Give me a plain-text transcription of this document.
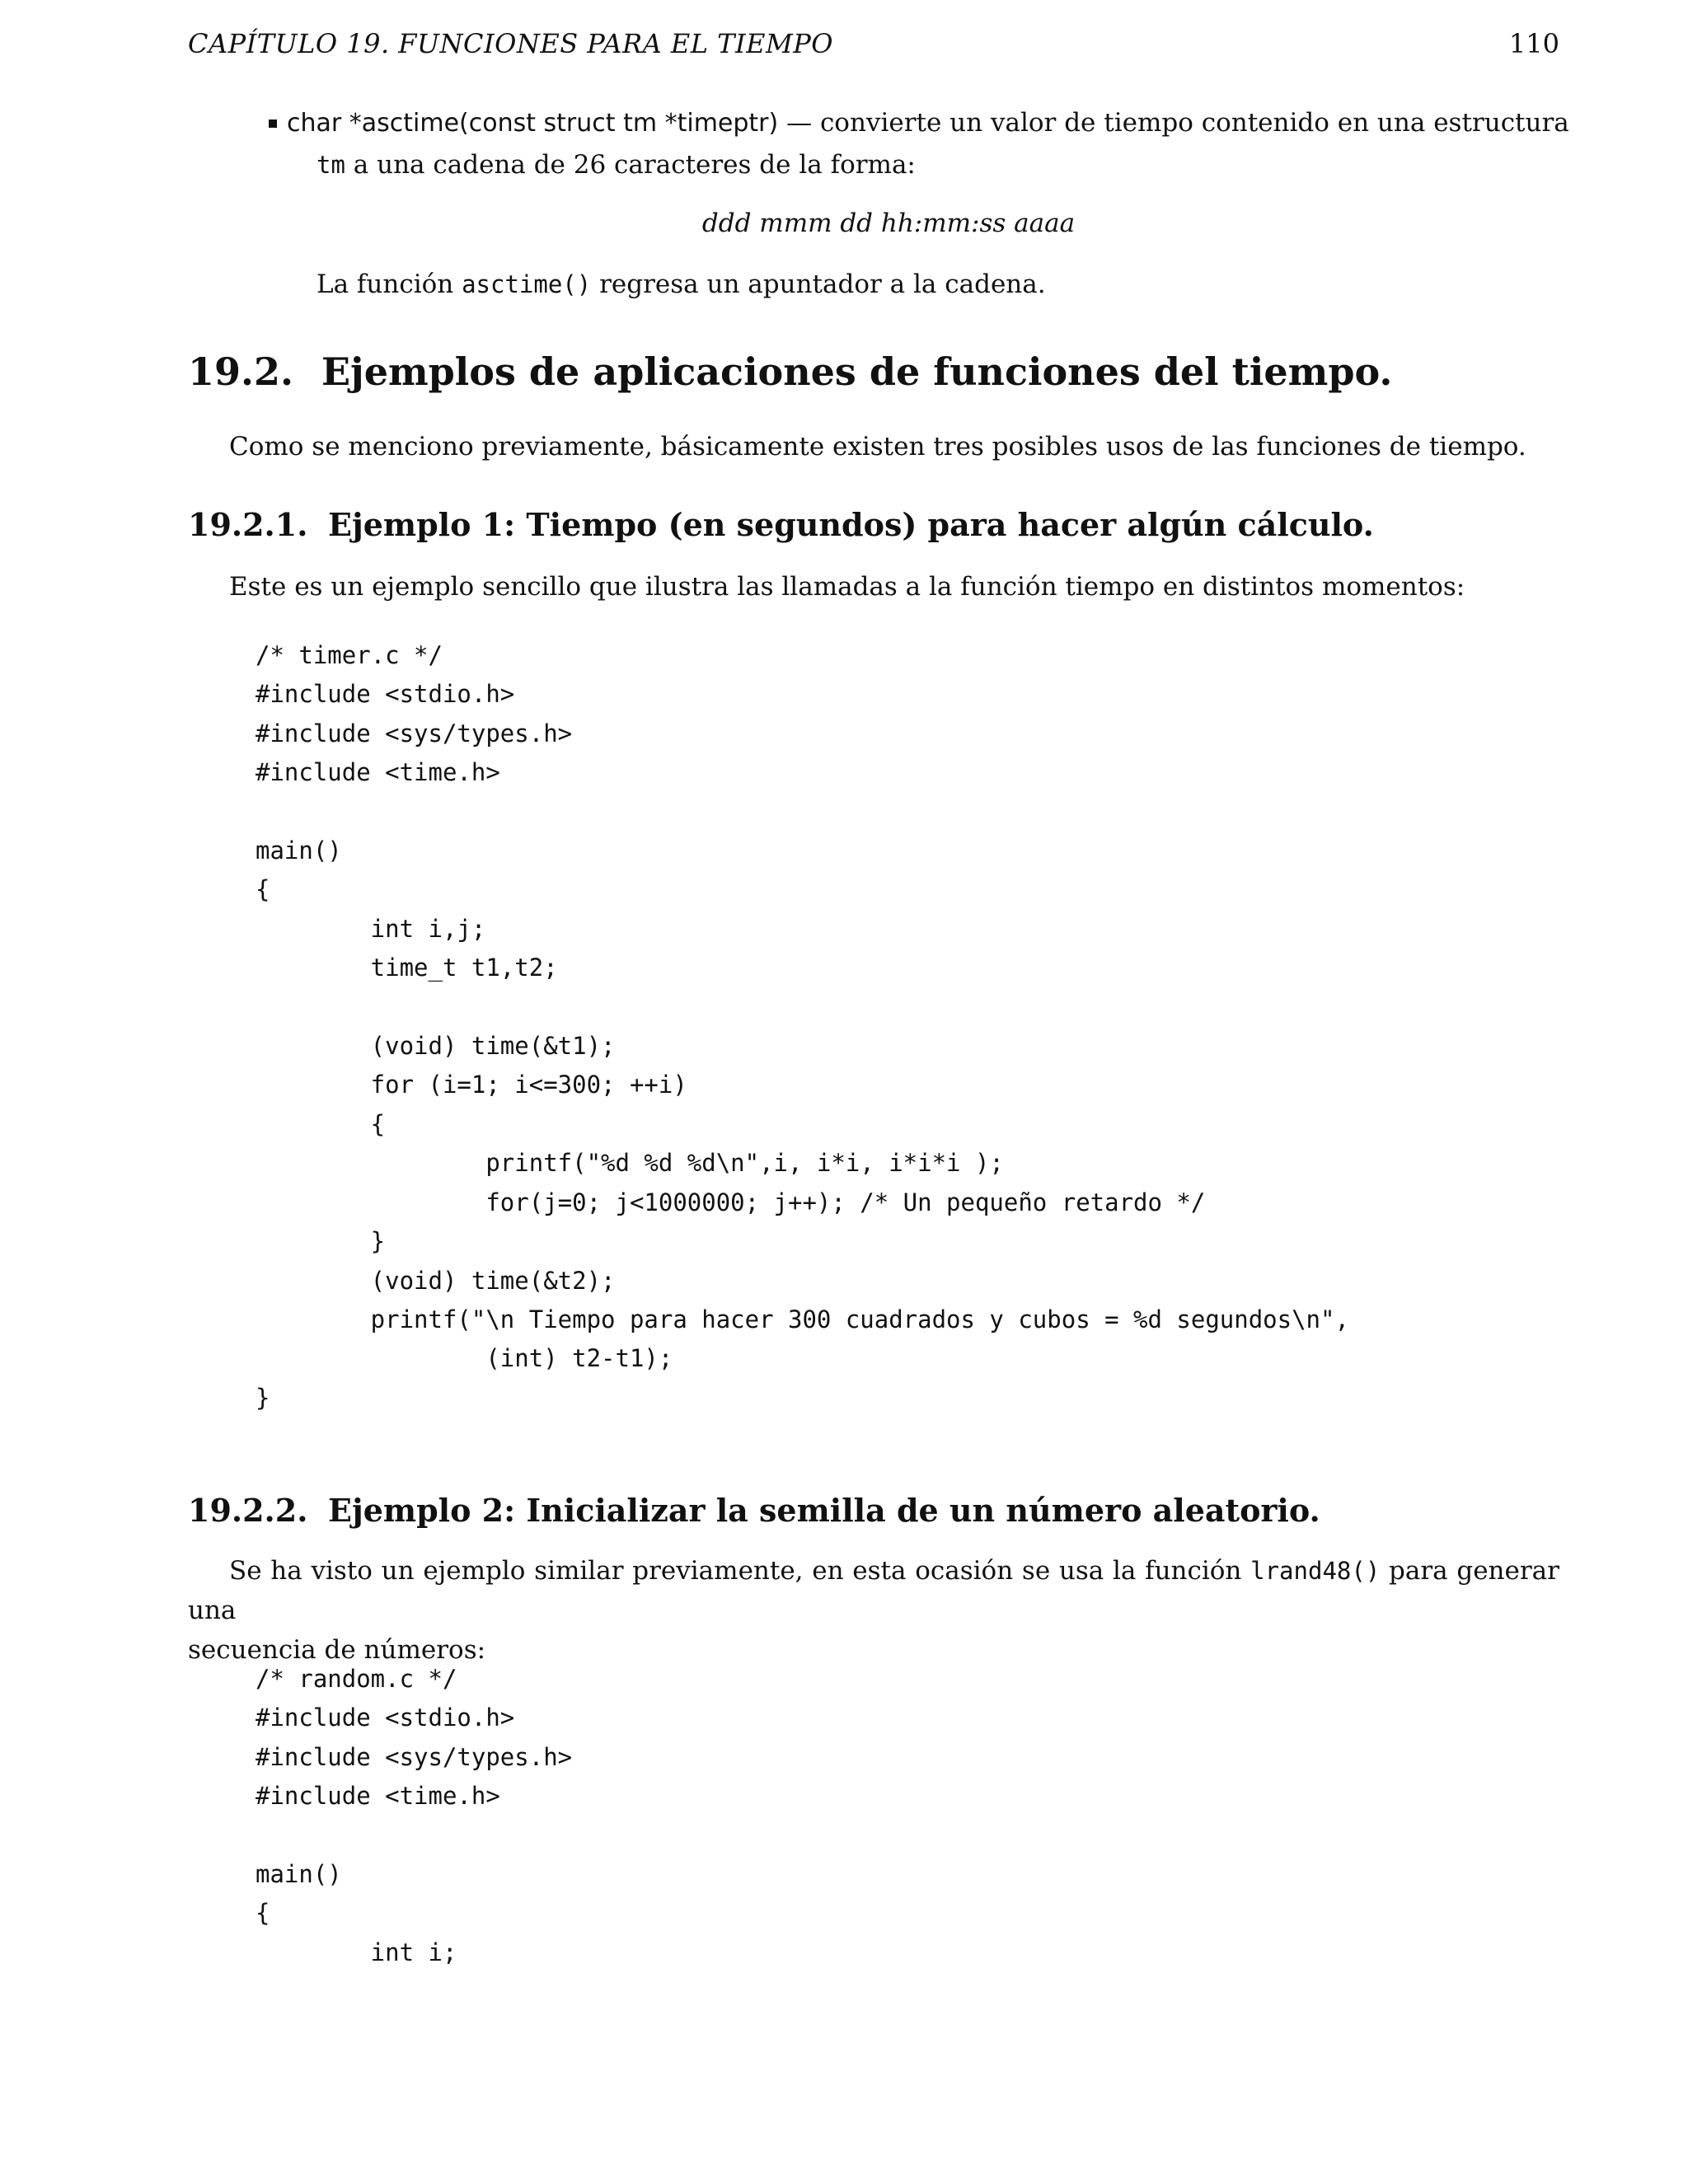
CAPÍTULO 19. FUNCIONES PARA EL TIEMPO	110
char *asctime(const struct tm *timeptr) — convierte un valor de tiempo contenido en una estructura
tm a una cadena de 26 caracteres de la forma:
ddd mmm dd hh:mm:ss aaaa
La función asctime() regresa un apuntador a la cadena.
19.2. Ejemplos de aplicaciones de funciones del tiempo.
Como se menciono previamente, básicamente existen tres posibles usos de las funciones de tiempo.
19.2.1. Ejemplo 1: Tiempo (en segundos) para hacer algún cálculo.
Este es un ejemplo sencillo que ilustra las llamadas a la función tiempo en distintos momentos:
/* timer.c */
#include <stdio.h>
#include <sys/types.h>
#include <time.h>

main()
{
int i,j;
time_t t1,t2;

(void) time(&t1);
for (i=1; i<=300; ++i)
{
printf("%d %d %d\n",i, i*i, i*i*i );
for(j=0; j<1000000; j++); /* Un pequeño retardo */
}
(void) time(&t2);
printf("\n Tiempo para hacer 300 cuadrados y cubos = %d segundos\n",
(int) t2-t1);
}
19.2.2. Ejemplo 2: Inicializar la semilla de un número aleatorio.
Se ha visto un ejemplo similar previamente, en esta ocasión se usa la función lrand48() para generar una
secuencia de números:
/* random.c */
#include <stdio.h>
#include <sys/types.h>
#include <time.h>

main()
{
int i;
